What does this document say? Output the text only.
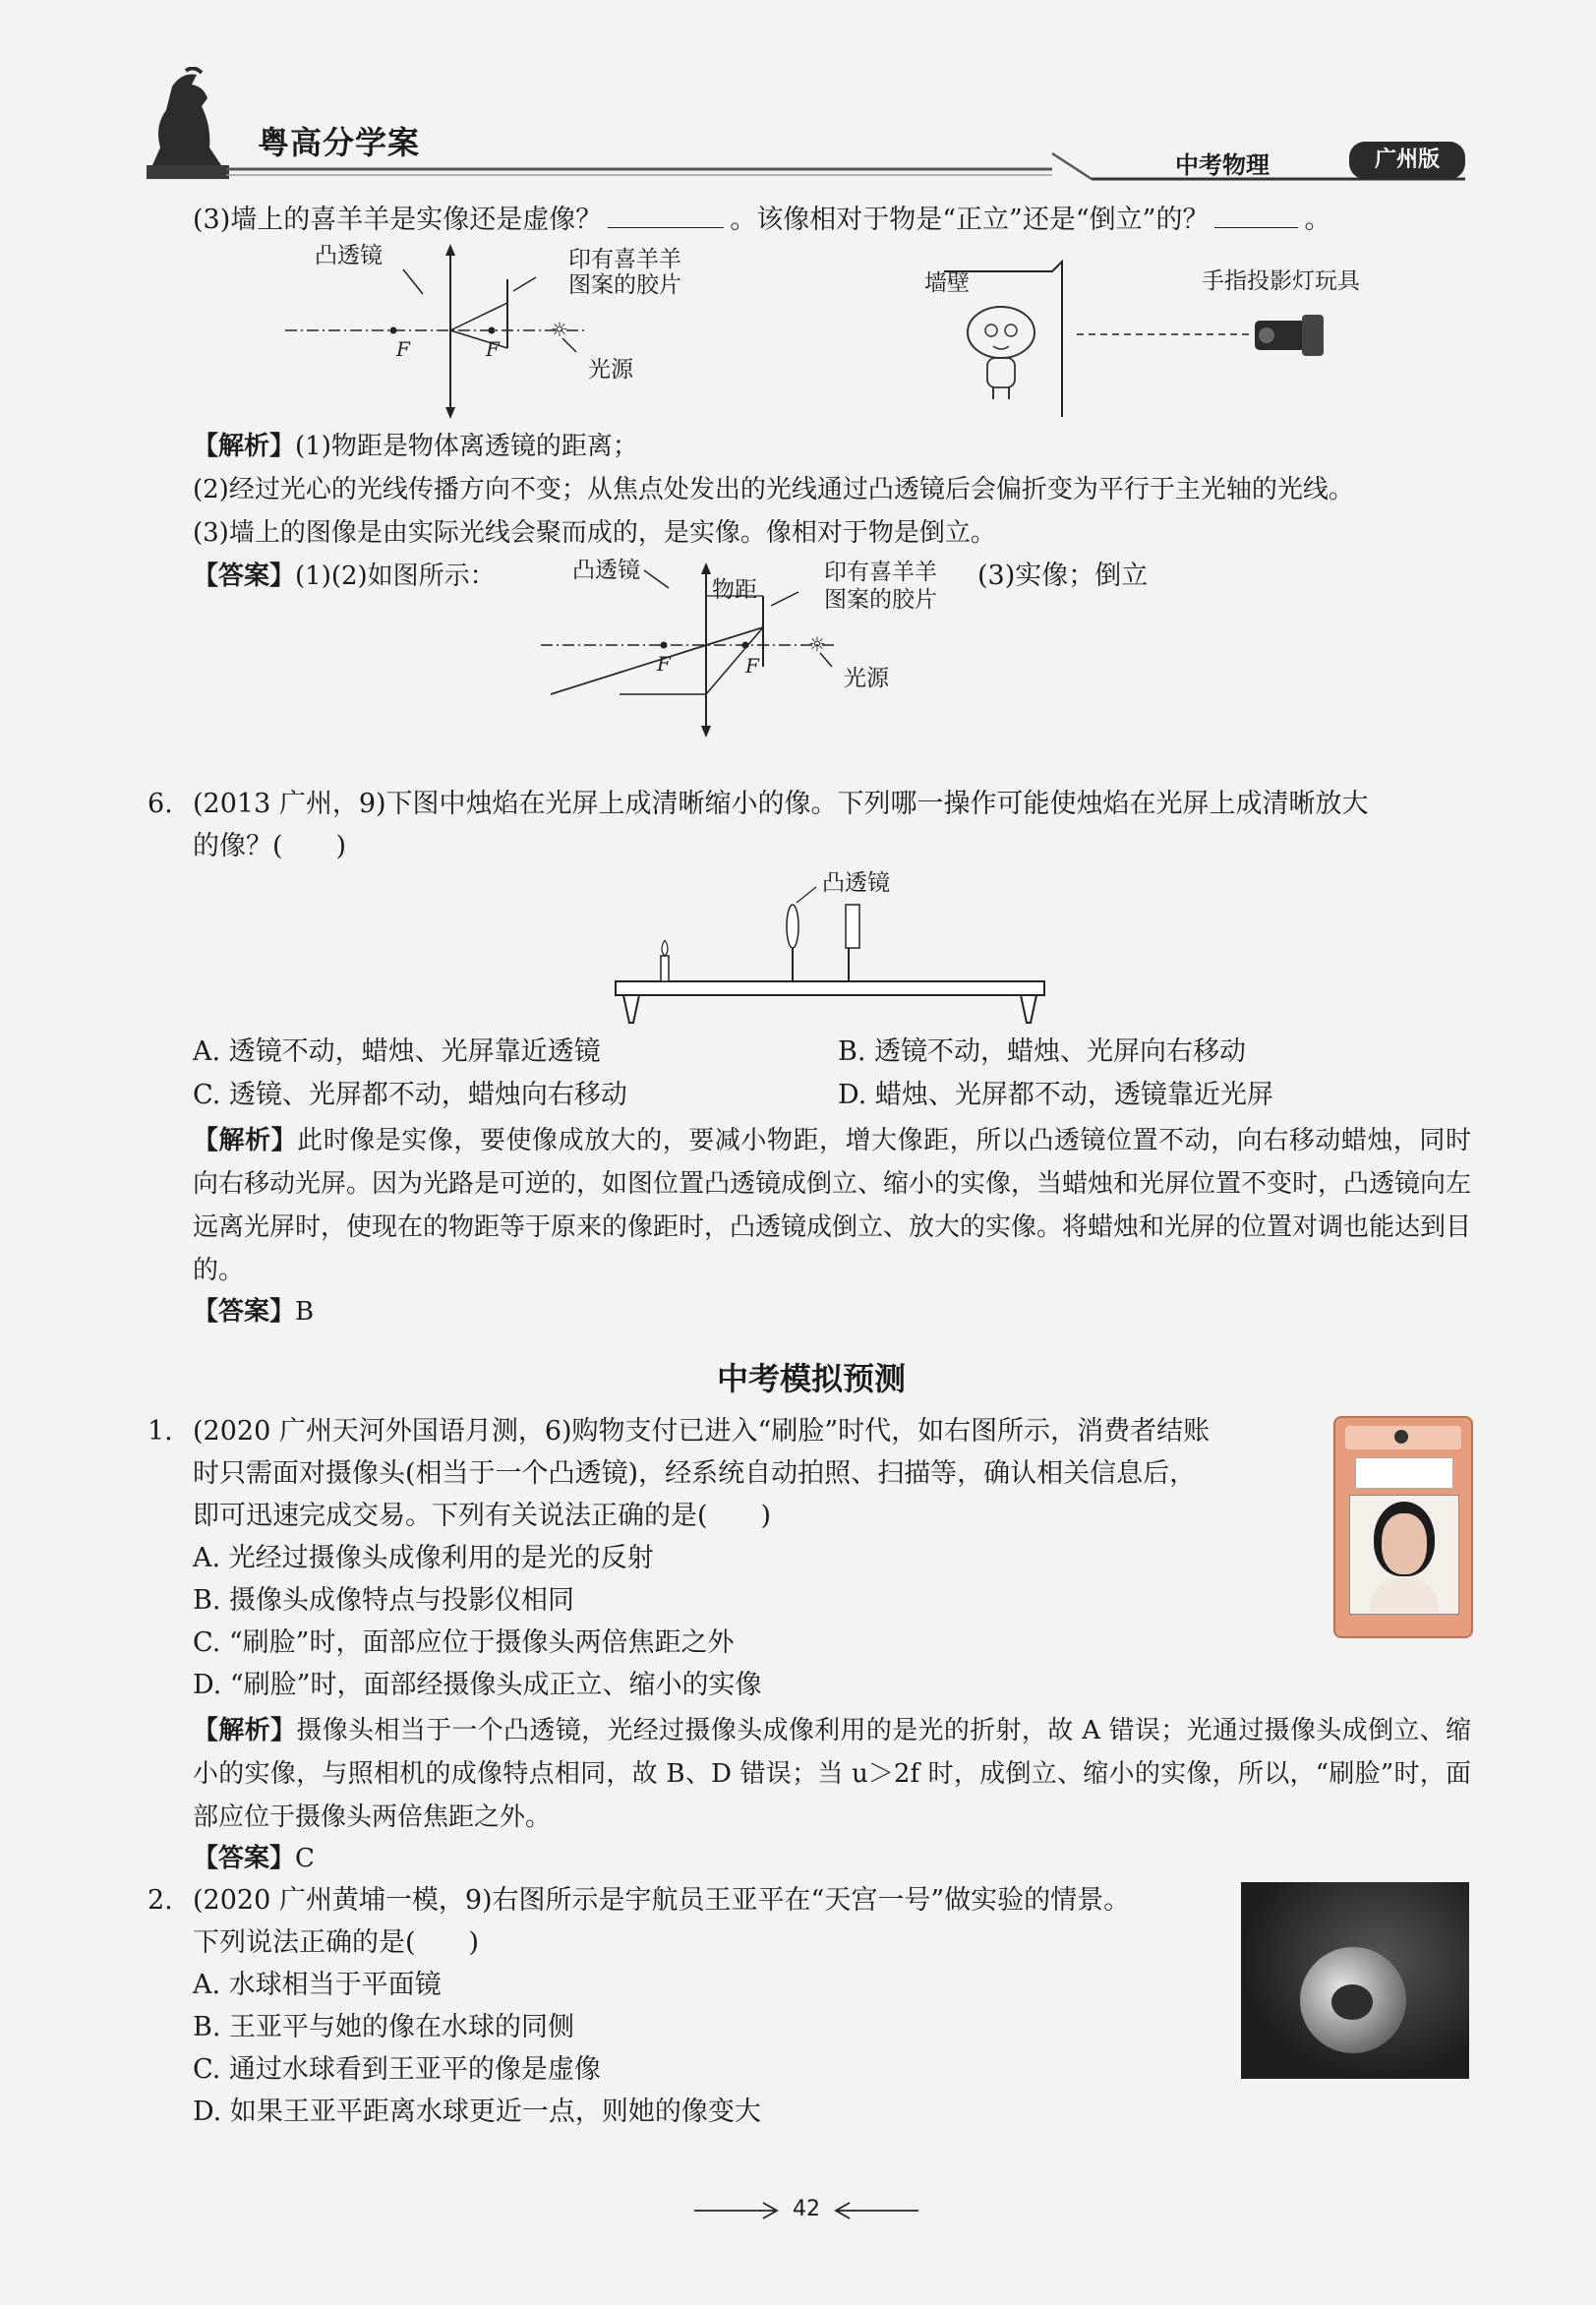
粤高分学案
中考物理	广州版
(3)墙上的喜羊羊是实像还是虚像？	。该像相对于物是“正立”还是“倒立”的？	。
☼
F	F
凸透镜	印有喜羊羊
图案的胶片
光源
墙壁	手指投影灯玩具
【解析】(1)物距是物体离透镜的距离；
(2)经过光心的光线传播方向不变；从焦点处发出的光线通过凸透镜后会偏折变为平行于主光轴的光线。
(3)墙上的图像是由实际光线会聚而成的，是实像。像相对于物是倒立。
【答案】(1)(2)如图所示：	(3)实像；倒立
☼
F	F
凸透镜
物距
印有喜羊羊
图案的胶片
光源
6. (2013 广州，9)下图中烛焰在光屏上成清晰缩小的像。下列哪一操作可能使烛焰在光屏上成清晰放大
的像？(　　)
凸透镜
A. 透镜不动，蜡烛、光屏靠近透镜	B. 透镜不动，蜡烛、光屏向右移动
C. 透镜、光屏都不动，蜡烛向右移动	D. 蜡烛、光屏都不动，透镜靠近光屏
【解析】此时像是实像，要使像成放大的，要减小物距，增大像距，所以凸透镜位置不动，向右移动蜡烛，同时向右移动光屏。因为光路是可逆的，如图位置凸透镜成倒立、缩小的实像，当蜡烛和光屏位置不变时，凸透镜向左远离光屏时，使现在的物距等于原来的像距时，凸透镜成倒立、放大的实像。将蜡烛和光屏的位置对调也能达到目的。
【答案】B
中考模拟预测
1. (2020 广州天河外国语月测，6)购物支付已进入“刷脸”时代，如右图所示，消费者结账
时只需面对摄像头(相当于一个凸透镜)，经系统自动拍照、扫描等，确认相关信息后，
即可迅速完成交易。下列有关说法正确的是(　　)
A. 光经过摄像头成像利用的是光的反射
B. 摄像头成像特点与投影仪相同
C. “刷脸”时，面部应位于摄像头两倍焦距之外
D. “刷脸”时，面部经摄像头成正立、缩小的实像
【解析】摄像头相当于一个凸透镜，光经过摄像头成像利用的是光的折射，故 A 错误；光通过摄像头成倒立、缩小的实像，与照相机的成像特点相同，故 B、D 错误；当 u＞2f 时，成倒立、缩小的实像，所以，“刷脸”时，面部应位于摄像头两倍焦距之外。
【答案】C
2. (2020 广州黄埔一模，9)右图所示是宇航员王亚平在“天宫一号”做实验的情景。
下列说法正确的是(　　)
A. 水球相当于平面镜
B. 王亚平与她的像在水球的同侧
C. 通过水球看到王亚平的像是虚像
D. 如果王亚平距离水球更近一点，则她的像变大
42
